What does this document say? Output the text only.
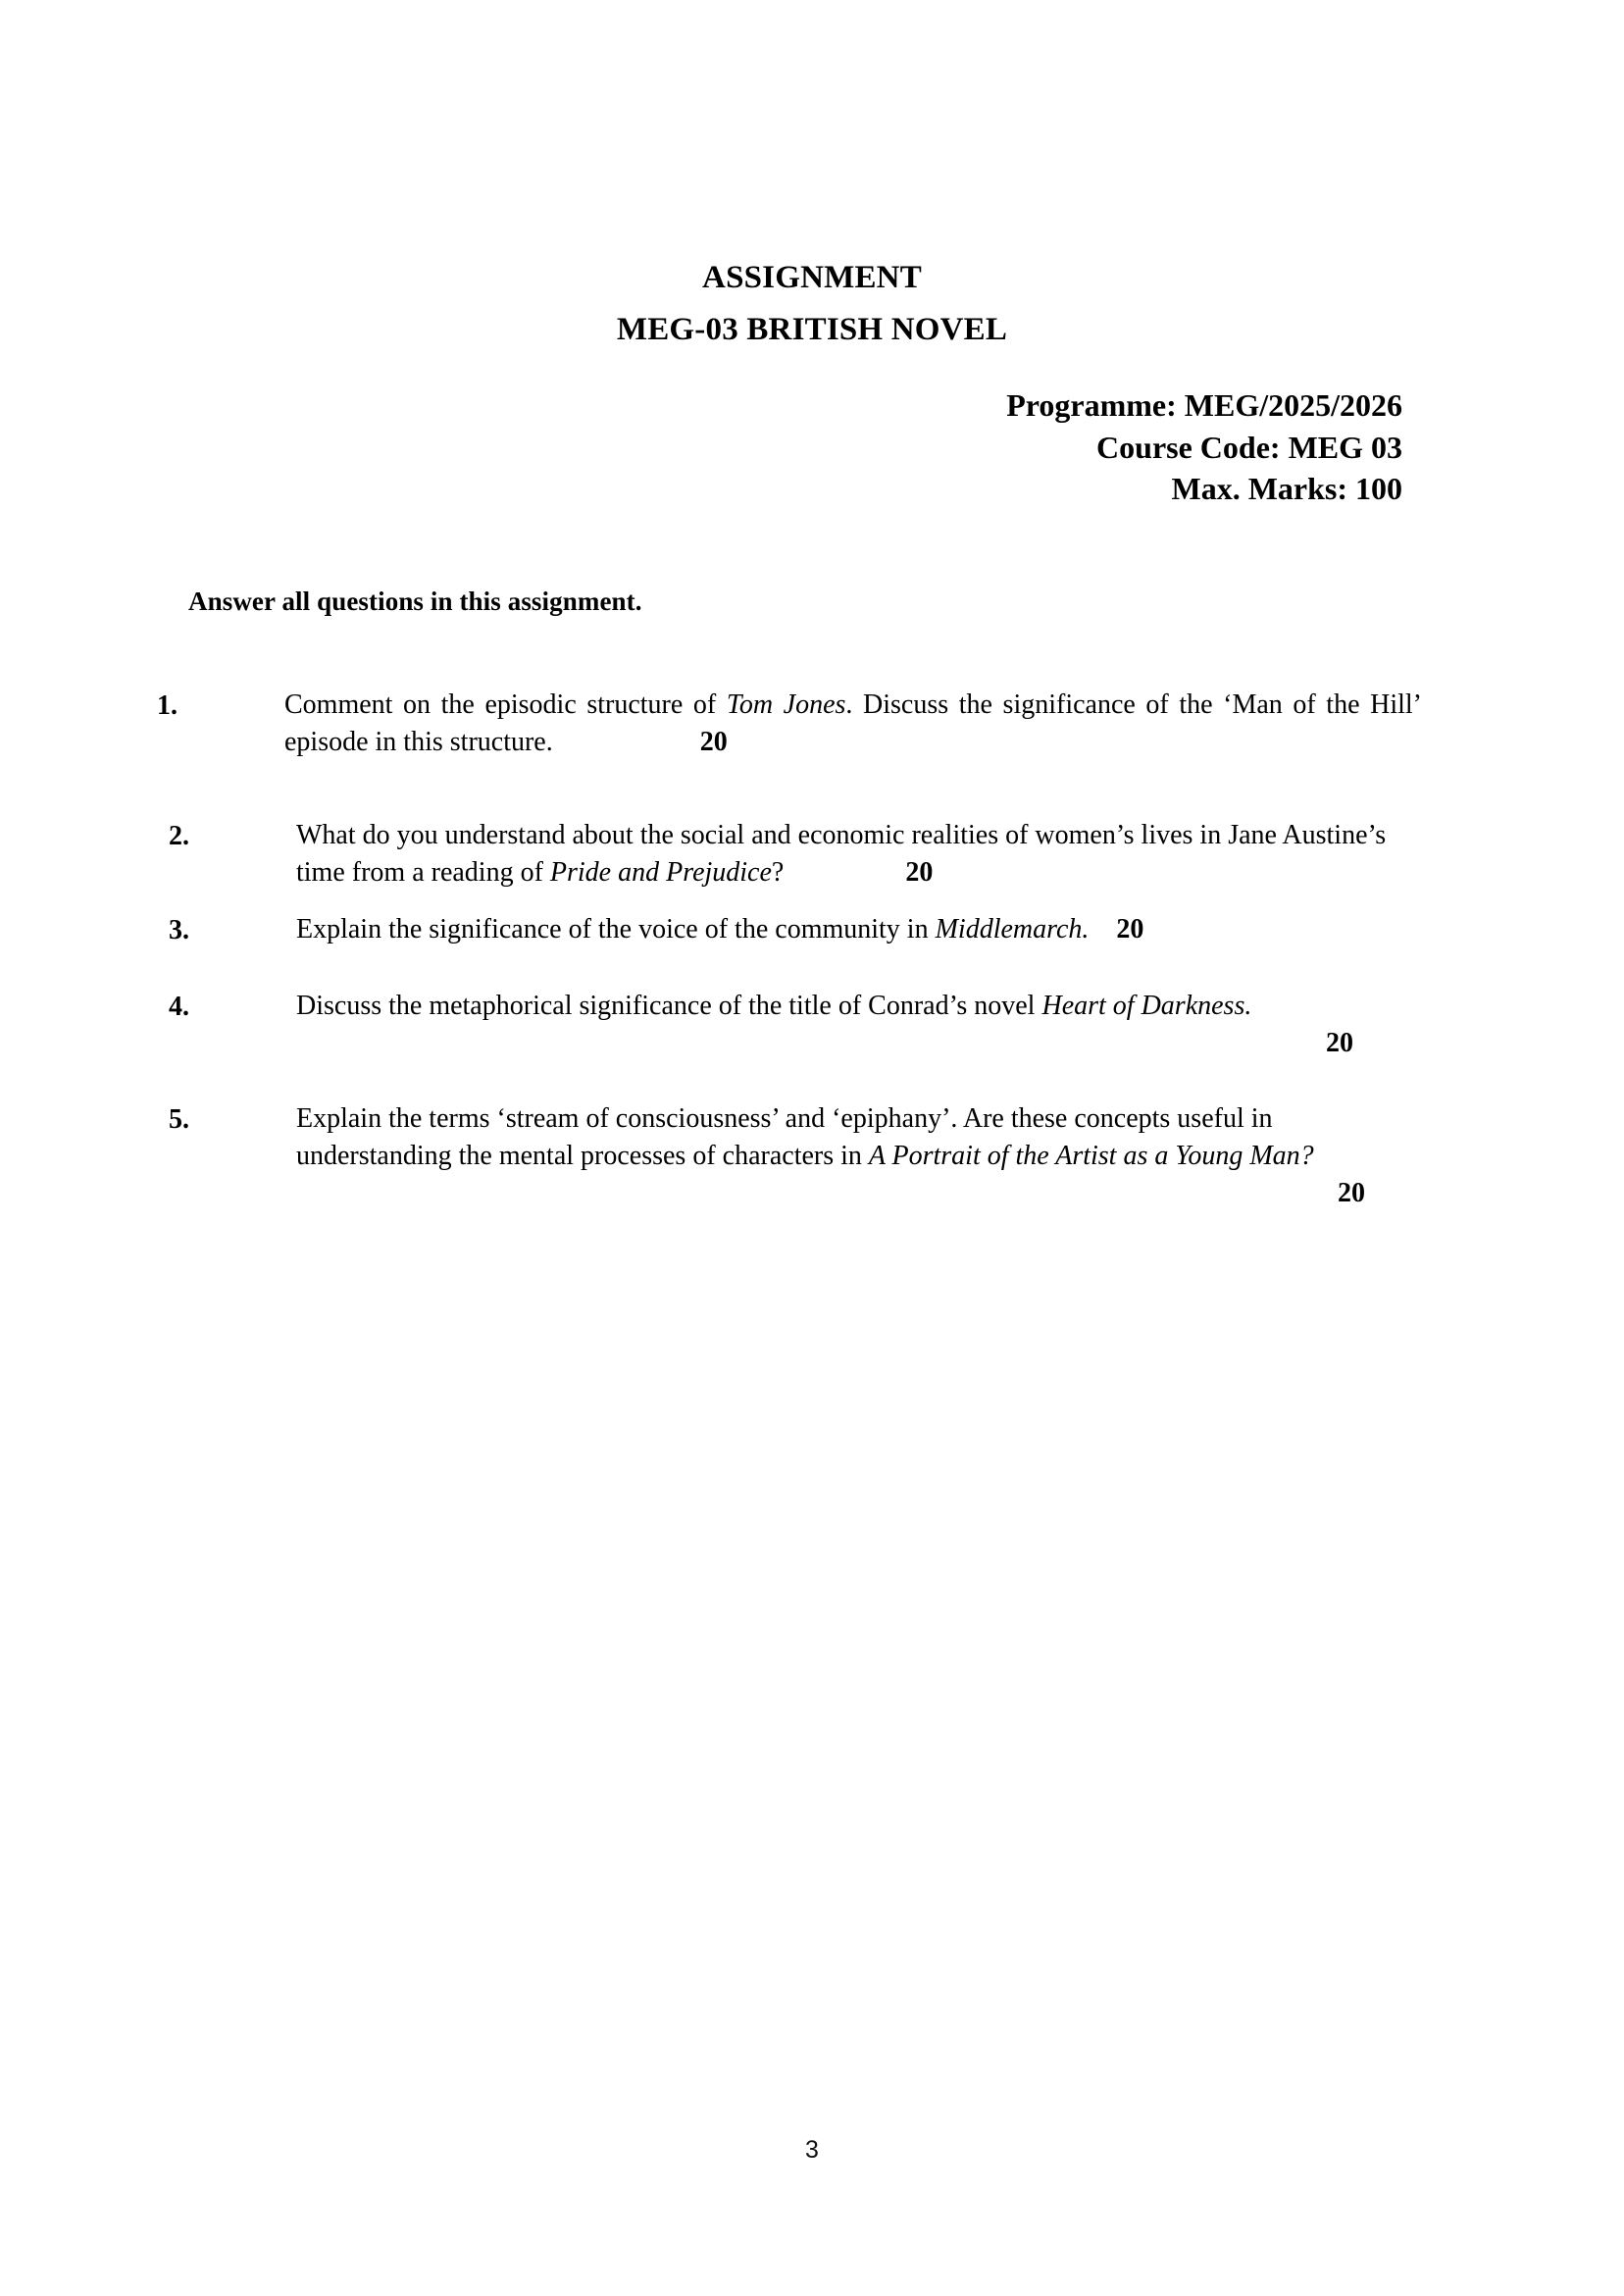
ASSIGNMENT
MEG-03 BRITISH NOVEL
Programme: MEG/2025/2026
Course Code: MEG 03
Max. Marks: 100
Answer all questions in this assignment.
1.	Comment on the episodic structure of Tom Jones. Discuss the significance of the ‘Man of the Hill’ episode in this structure.	20
2.	What do you understand about the social and economic realities of women’s lives in Jane Austine’s time from a reading of Pride and Prejudice?	20
3.	Explain the significance of the voice of the community in Middlemarch. 20
4.	Discuss the metaphorical significance of the title of Conrad’s novel Heart of Darkness.
20
5.	Explain the terms ‘stream of consciousness’ and ‘epiphany’. Are these concepts useful in understanding the mental processes of characters in A Portrait of the Artist as a Young Man?
20
3
